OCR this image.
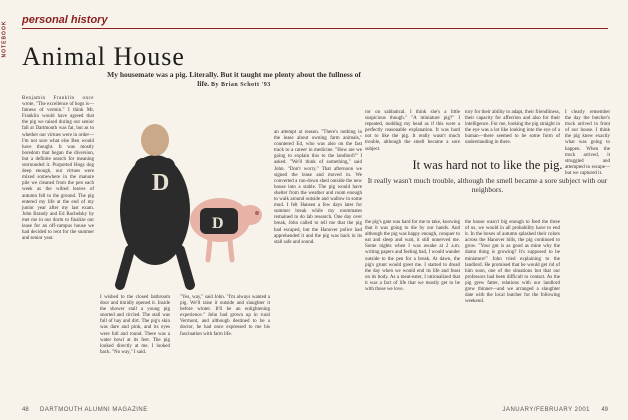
NOTEBOOK
personal history
Animal House
My housemate was a pig. Literally. But it taught me plenty about the fullness of life. By Brian Schott '93

Benjamin Franklin once wrote, "The excellence of hogs is—fatness of vermin." I think Mr. Franklin would have agreed that the pig we raised during our senior fall at Dartmouth was fat, but as to whether our virtues were in order—I'm not sure what else Ben would have thought. It was mostly boredom that began the diversion, but a definite search for meaning surrounded it. Purported Hogs dog deep enough, our virtues were mixed somewhere in the manure pile we cleaned from the pen each week as the wilted leaves of autumn fell to the ground. The pig entered my life at the end of my junior year after my last exam. John Brandy and Ed Rachelsky by met me in our dorm to finalize our lease for an off-campus house we had decided to rent for the summer and senior year.

D
D
I wished to the closed bathroom door and timidly opened it. Inside the shower stall a young pig snorted and circled. The stall was full of hay and dirt. The pig's skin was dare and pink, and its eyes were full and round. There was a water bowl at its feet. The pig looked directly at me. I looked back. "No way," I said.
"Yes, way," said John. "I'm always wanted a pig. We'll raise it outside and slaughter it before winter. It'll be an enlightening experience." John had grown up in rural Vermont, and although destined to be a doctor, he had once expressed to me his fascination with farm life.
an attempt at reason. "There's nothing in the lease about owning farm animals," countered Ed, who was also on the fast track to a career in medicine. "How are we going to explain this to the landlord?" I asked. "We'll think of something," said John. "Don't worry." That afternoon we signed the lease and moved in. We converted a run-down shed outside the new house into a stable. The pig would have shelter from the weather and room enough to walk around outside and wallow in some mud. I felt Hansen a few days later for summer break while my roommates remained to do lab research. One day over break, John called to tell me that the pig had escaped, but the Hanover police had apprehended it and the pig was back in its stall safe and sound.
ror on sabbatical. I think she's a little suspicious though." "A miniature pig?" I repeated, nodding my head as if this were a perfectly reasonable explanation. It was hard not to like the pig. It really wasn't much trouble, although the smell became a sore subject.
tory for their ability to adapt, their friendliness, their capacity for affection and also for their intelligence. For me, looking the pig straight in the eye was a lot like looking into the eye of a human—there seemed to be some form of understanding in there.
I clearly remember the day the butcher's truck arrived in front of our house. I think the pig knew exactly what was going to happen. When the truck arrived, it struggled and attempted to escape—but we captured it.
It was hard not to like the pig.
It really wasn't much trouble, although the smell became a sore subject with our neighbors.
the pig's gate was hard for me to take, knowing that it was going to die by our hands. And although the pig was happy enough, conquer to eat and sleep and wait, it still unnerved me. Some nights when I was awake at 2 a.m. writing papers and feeling bad, I would wander outside to the pen for a break. At dawn, the pig's grunt would greet me. I started to dread the day when we would end its life and feast on its body. As a meat-eater, I rationalized that it was a fact of life that we mostly get to be with those we love.
the house wasn't big enough to feed the three of us, we would in all probability have to end it. In the boxes of autumn splashed their colors across the Hanover hills, the pig continued to grow. "Your gut is as good as mine why the damn thing is growing? It's supposed to be miniature!" John tried explaining to the landlord. He promised that he would get rid of him soon, one of the situations but that our professors had been difficult to contact. As the pig grew fatter, relations with our landlord grew thinner—and we arranged a slaughter date with the local butcher for the following weekend.
48 DARTMOUTH ALUMNI MAGAZINE	JANUARY/FEBRUARY 2001 49
